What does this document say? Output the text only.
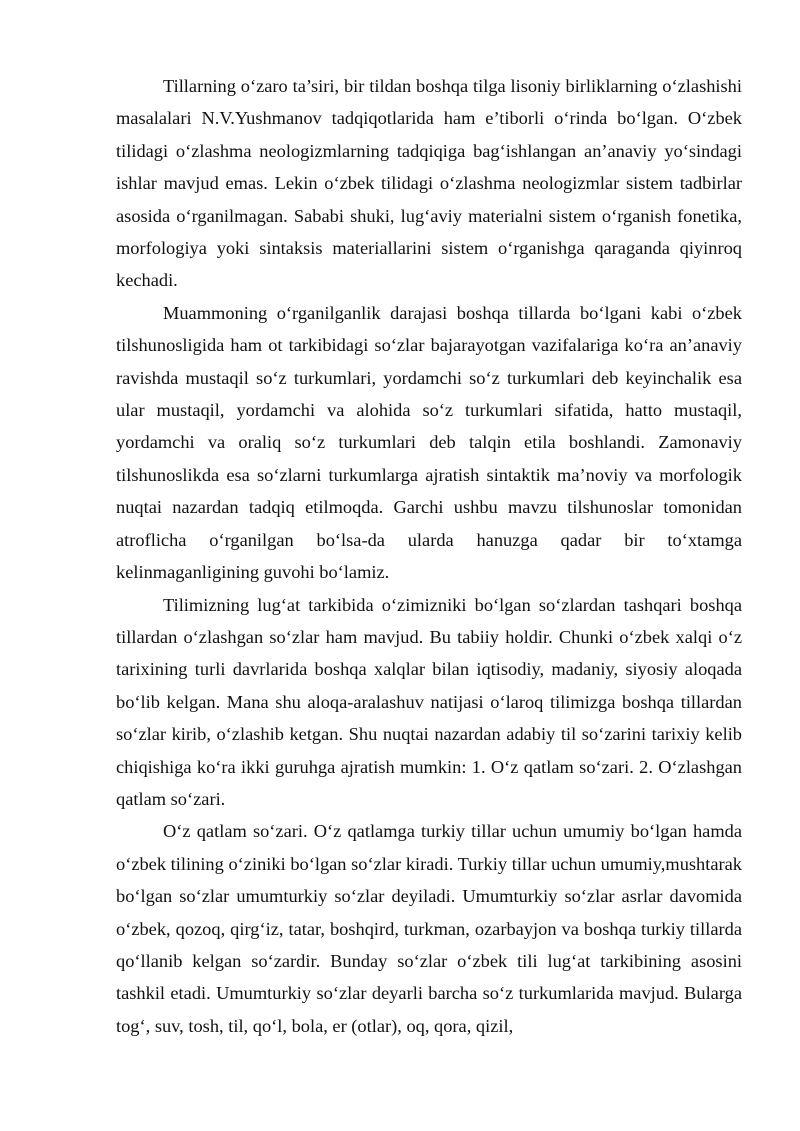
Tillarning o‘zaro ta’siri, bir tildan boshqa tilga lisoniy birliklarning o‘zlashishi masalalari N.V.Yushmanov tadqiqotlarida ham e’tiborli o‘rinda bo‘lgan. O‘zbek tilidagi o‘zlashma neologizmlarning tadqiqiga bag‘ishlangan an’anaviy yo‘sindagi ishlar mavjud emas. Lekin o‘zbek tilidagi o‘zlashma neologizmlar sistem tadbirlar asosida o‘rganilmagan. Sababi shuki, lug‘aviy materialni sistem o‘rganish fonetika, morfologiya yoki sintaksis materiallarini sistem o‘rganishga qaraganda qiyinroq kechadi.

Muammoning o‘rganilganlik darajasi boshqa tillarda bo‘lgani kabi o‘zbek tilshunosligida ham ot tarkibidagi so‘zlar bajarayotgan vazifalariga ko‘ra an’anaviy ravishda mustaqil so‘z turkumlari, yordamchi so‘z turkumlari deb keyinchalik esa ular mustaqil, yordamchi va alohida so‘z turkumlari sifatida, hatto mustaqil, yordamchi va oraliq so‘z turkumlari deb talqin etila boshlandi. Zamonaviy tilshunoslikda esa so‘zlarni turkumlarga ajratish sintaktik ma’noviy va morfologik nuqtai nazardan tadqiq etilmoqda. Garchi ushbu mavzu tilshunoslar tomonidan atroflicha o‘rganilgan bo‘lsa-da ularda hanuzga qadar bir to‘xtamga kelinmaganligining guvohi bo‘lamiz.

Tilimizning lug‘at tarkibida o‘zimizniki bo‘lgan so‘zlardan tashqari boshqa tillardan o‘zlashgan so‘zlar ham mavjud. Bu tabiiy holdir. Chunki o‘zbek xalqi o‘z tarixining turli davrlarida boshqa xalqlar bilan iqtisodiy, madaniy, siyosiy aloqada bo‘lib kelgan. Mana shu aloqa-aralashuv natijasi o‘laroq tilimizga boshqa tillardan so‘zlar kirib, o‘zlashib ketgan. Shu nuqtai nazardan adabiy til so‘zarini tarixiy kelib chiqishiga ko‘ra ikki guruhga ajratish mumkin: 1. O‘z qatlam so‘zari. 2. O‘zlashgan qatlam so‘zari.

O‘z qatlam so‘zari. O‘z qatlamga turkiy tillar uchun umumiy bo‘lgan hamda o‘zbek tilining o‘ziniki bo‘lgan so‘zlar kiradi. Turkiy tillar uchun umumiy,mushtarak bo‘lgan so‘zlar umumturkiy so‘zlar deyiladi. Umumturkiy so‘zlar asrlar davomida o‘zbek, qozoq, qirg‘iz, tatar, boshqird, turkman, ozarbayjon va boshqa turkiy tillarda qo‘llanib kelgan so‘zardir. Bunday so‘zlar o‘zbek tili lug‘at tarkibining asosini tashkil etadi. Umumturkiy so‘zlar deyarli barcha so‘z turkumlarida mavjud. Bularga tog‘, suv, tosh, til, qo‘l, bola, er (otlar), oq, qora, qizil,
